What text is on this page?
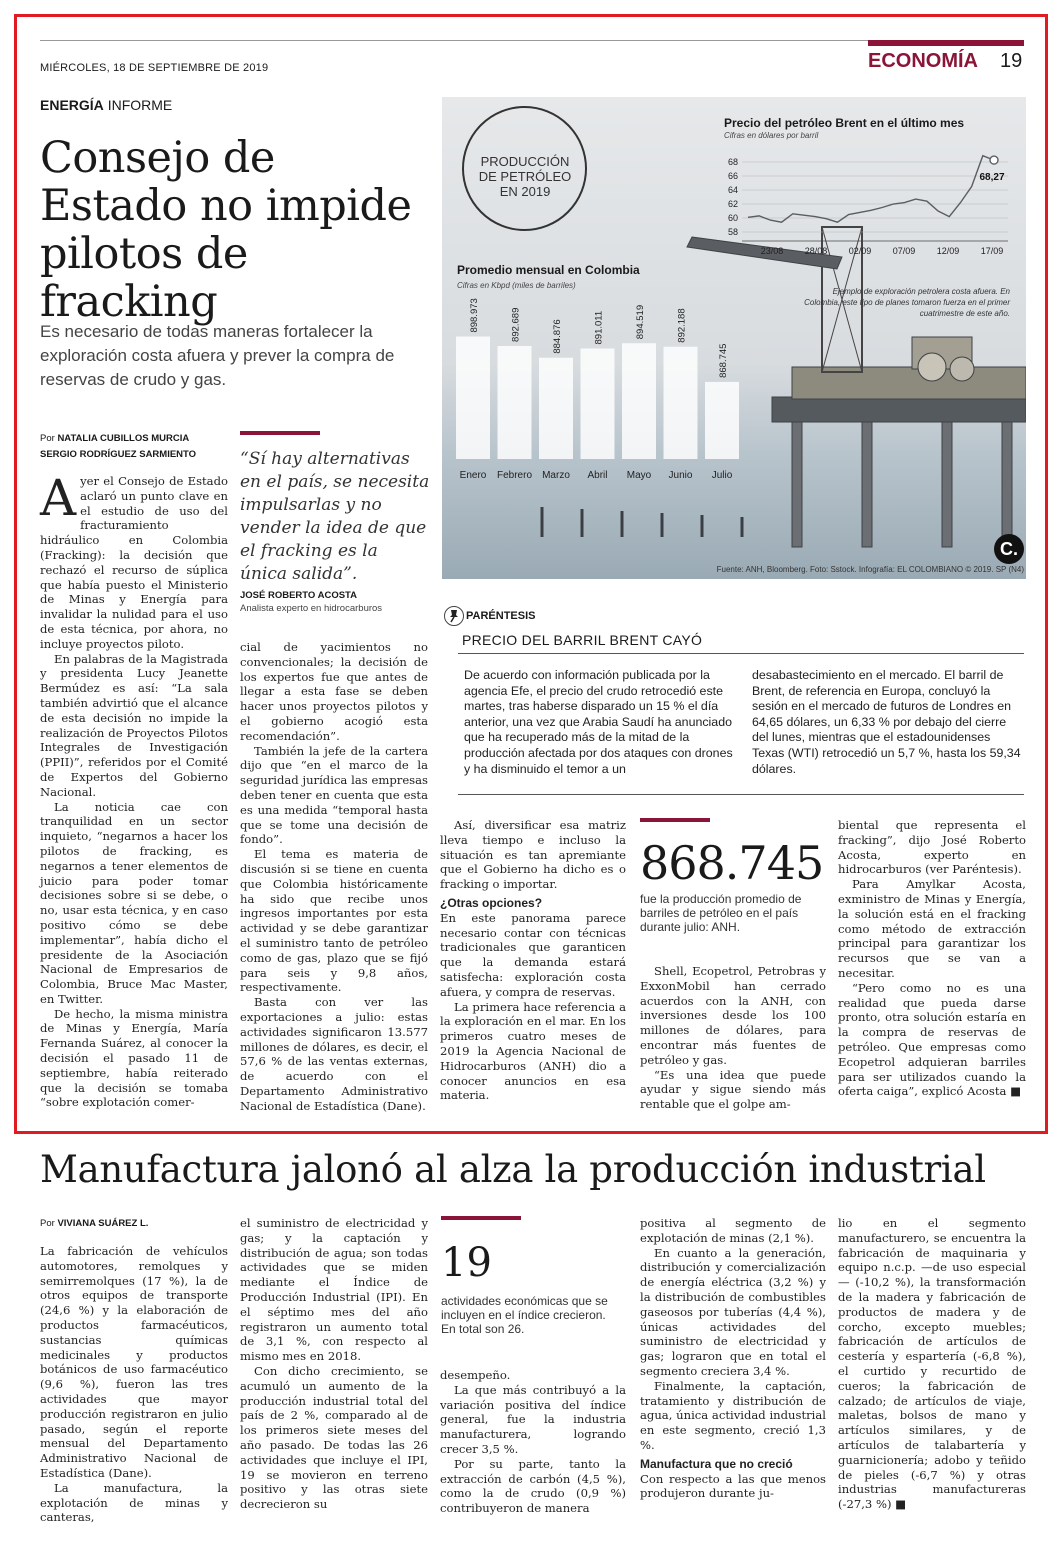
MIÉRCOLES, 18 DE SEPTIEMBRE DE 2019	ECONOMÍA 19
ENERGÍA INFORME
Consejo de Estado no impide pilotos de fracking
Es necesario de todas maneras fortalecer la exploración costa afuera y prever la compra de reservas de crudo y gas.
Por NATALIA CUBILLOS MURCIA
SERGIO RODRÍGUEZ SARMIENTO

Ayer el Consejo de Estado aclaró un punto clave en el estudio de uso del fracturamiento hidráulico en Colombia (Fracking): la decisión que rechazó el recurso de súplica que había puesto el Ministerio de Minas y Energía para invalidar la nulidad para el uso de esta técnica, por ahora, no incluye proyectos piloto.

En palabras de la Magistrada y presidenta Lucy Jeanette Bermúdez es así: “La sala también advirtió que el alcance de esta decisión no impide la realización de Proyectos Pilotos Integrales de Investigación (PPII)”, referidos por el Comité de Expertos del Gobierno Nacional.

La noticia cae con tranquilidad en un sector inquieto, “negarnos a hacer los pilotos de fracking, es negarnos a tener elementos de juicio para poder tomar decisiones sobre si se debe, o no, usar esta técnica, y en caso positivo cómo se debe implementar”, había dicho el presidente de la Asociación Nacional de Empresarios de Colombia, Bruce Mac Master, en Twitter.

De hecho, la misma ministra de Minas y Energía, María Fernanda Suárez, al conocer la decisión el pasado 11 de septiembre, había reiterado que la decisión se tomaba “sobre explotación comer-

“Sí hay alternativas en el país, se necesita impulsarlas y no vender la idea de que el fracking es la única salida”.
JOSÉ ROBERTO ACOSTA
Analista experto en hidrocarburos

cial de yacimientos no convencionales; la decisión de los expertos fue que antes de llegar a esta fase se deben hacer unos proyectos pilotos y el gobierno acogió esta recomendación”.

También la jefe de la cartera dijo que “en el marco de la seguridad jurídica las empresas deben tener en cuenta que esta es una medida “temporal hasta que se tome una decisión de fondo”.

El tema es materia de discusión si se tiene en cuenta que Colombia históricamente ha sido que recibe unos ingresos importantes por esta actividad y se debe garantizar el suministro tanto de petróleo como de gas, plazo que se fijó para seis y 9,8 años, respectivamente.

Basta con ver las exportaciones a julio: estas actividades significaron 13.577 millones de dólares, es decir, el 57,6 % de las ventas externas, de acuerdo con el Departamento Administrativo Nacional de Estadística (Dane).

898.973
Enero
892.689
Febrero
884.876
Marzo
891.011
Abril
894.519
Mayo
892.188
Junio
868.745
Julio
58
60
62
64
66
68
23/08 28/08 02/09 07/09 12/09 17/09
68,27
PRODUCCIÓN DE PETRÓLEO EN 2019
Precio del petróleo Brent en el último mes
Cifras en dólares por barril
Promedio mensual en Colombia
Cifras en Kbpd (miles de barriles)
Ejemplo de exploración petrolera costa afuera. En Colombia, este tipo de planes tomaron fuerza en el primer cuatrimestre de este año.
Fuente: ANH, Bloomberg. Foto: Sstock. Infografía: EL COLOMBIANO © 2019. SP (N4)
C.
PARÉNTESIS
PRECIO DEL BARRIL BRENT CAYÓ
De acuerdo con información publicada por la agencia Efe, el precio del crudo retrocedió este martes, tras haberse disparado un 15 % el día anterior, una vez que Arabia Saudí ha anunciado que ha recuperado más de la mitad de la producción afectada por dos ataques con drones y ha disminuido el temor a un
desabastecimiento en el mercado. El barril de Brent, de referencia en Europa, concluyó la sesión en el mercado de futuros de Londres en 64,65 dólares, un 6,33 % por debajo del cierre del lunes, mientras que el estadounidenses Texas (WTI) retrocedió un 5,7 %, hasta los 59,34 dólares.

Así, diversificar esa matriz lleva tiempo e incluso la situación es tan apremiante que el Gobierno ha dicho es o fracking o importar.

¿Otras opciones?

En este panorama parece necesario contar con técnicas tradicionales que garanticen que la demanda estará satisfecha: exploración costa afuera, y compra de reservas.

La primera hace referencia a la exploración en el mar. En los primeros cuatro meses de 2019 la Agencia Nacional de Hidrocarburos (ANH) dio a conocer anuncios en esa materia.

868.745
fue la producción promedio de barriles de petróleo en el país durante julio: ANH.

Shell, Ecopetrol, Petrobras y ExxonMobil han cerrado acuerdos con la ANH, con inversiones desde los 100 millones de dólares, para encontrar más fuentes de petróleo y gas.

“Es una idea que puede ayudar y sigue siendo más rentable que el golpe am-

biental que representa el fracking”, dijo José Roberto Acosta, experto en hidrocarburos (ver Paréntesis).

Para Amylkar Acosta, exministro de Minas y Energía, la solución está en el fracking como método de extracción principal para garantizar los recursos que se van a necesitar.

“Pero como no es una realidad que pueda darse pronto, otra solución estaría en la compra de reservas de petróleo. Que empresas como Ecopetrol adquieran barriles para ser utilizados cuando la oferta caiga”, explicó Acosta ■

Manufactura jalonó al alza la producción industrial
Por VIVIANA SUÁREZ L.

La fabricación de vehículos automotores, remolques y semirremolques (17 %), la de otros equipos de transporte (24,6 %) y la elaboración de productos farmacéuticos, sustancias químicas medicinales y productos botánicos de uso farmacéutico (9,6 %), fueron las tres actividades que mayor producción registraron en julio pasado, según el reporte mensual del Departamento Administrativo Nacional de Estadística (Dane).

La manufactura, la explotación de minas y canteras,

el suministro de electricidad y gas; y la captación y distribución de agua; son todas actividades que se miden mediante el Índice de Producción Industrial (IPI). En el séptimo mes del año registraron un aumento total de 3,1 %, con respecto al mismo mes en 2018.

Con dicho crecimiento, se acumuló un aumento de la producción industrial total del país de 2 %, comparado al de los primeros siete meses del año pasado. De todas las 26 actividades que incluye el IPI, 19 se movieron en terreno positivo y las otras siete decrecieron su

19
actividades económicas que se incluyen en el índice crecieron. En total son 26.

desempeño.

La que más contribuyó a la variación positiva del índice general, fue la industria manufacturera, logrando crecer 3,5 %.

Por su parte, tanto la extracción de carbón (4,5 %), como la de crudo (0,9 %) contribuyeron de manera

positiva al segmento de explotación de minas (2,1 %).

En cuanto a la generación, distribución y comercialización de energía eléctrica (3,2 %) y la distribución de combustibles gaseosos por tuberías (4,4 %), únicas actividades del suministro de electricidad y gas; lograron que en total el segmento creciera 3,4 %.

Finalmente, la captación, tratamiento y distribución de agua, única actividad industrial en este segmento, creció 1,3 %.

Manufactura que no creció

Con respecto a las que menos produjeron durante ju-

lio en el segmento manufacturero, se encuentra la fabricación de maquinaria y equipo n.c.p. —de uso especial— (-10,2 %), la transformación de la madera y fabricación de productos de madera y de corcho, excepto muebles; fabricación de artículos de cestería y espartería (-6,8 %), el curtido y recurtido de cueros; la fabricación de calzado; de artículos de viaje, maletas, bolsos de mano y artículos similares, y de artículos de talabartería y guarnicionería; adobo y teñido de pieles (-6,7 %) y otras industrias manufactureras (-27,3 %) ■
